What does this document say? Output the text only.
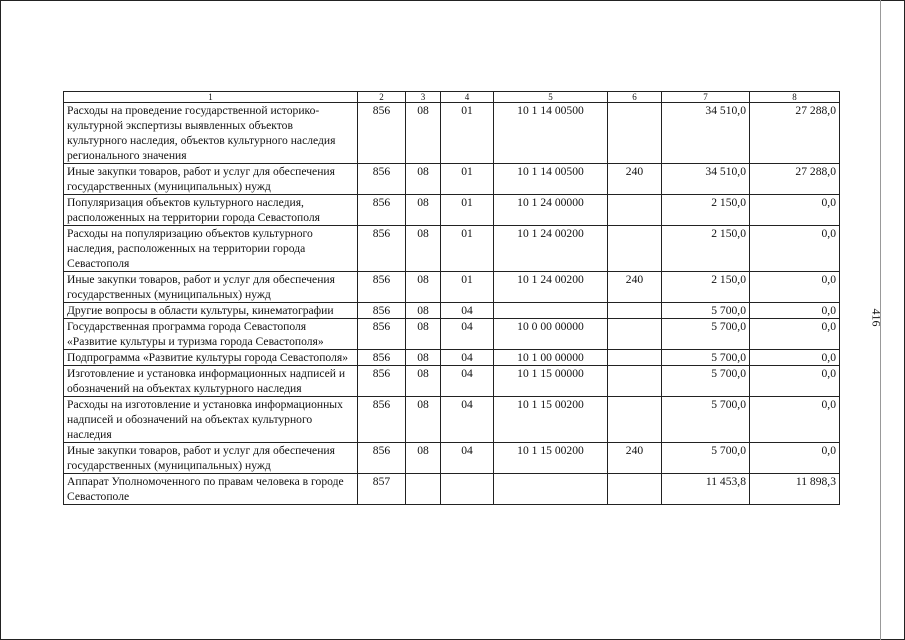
1	2	3	4	5	6	7	8
Расходы на проведение государственной историко-культурной экспертизы выявленных объектов культурного наследия, объектов культурного наследия регионального значения	856	08	01	10 1 14 00500		34 510,0	27 288,0
Иные закупки товаров, работ и услуг для обеспечения государственных (муниципальных) нужд	856	08	01	10 1 14 00500	240	34 510,0	27 288,0
Популяризация объектов культурного наследия, расположенных на территории города Севастополя	856	08	01	10 1 24 00000		2 150,0	0,0
Расходы на популяризацию объектов культурного наследия, расположенных на территории города Севастополя	856	08	01	10 1 24 00200		2 150,0	0,0
Иные закупки товаров, работ и услуг для обеспечения государственных (муниципальных) нужд	856	08	01	10 1 24 00200	240	2 150,0	0,0
Другие вопросы в области культуры, кинематографии	856	08	04			5 700,0	0,0
Государственная программа города Севастополя «Развитие культуры и туризма города Севастополя»	856	08	04	10 0 00 00000		5 700,0	0,0
Подпрограмма «Развитие культуры города Севастополя»	856	08	04	10 1 00 00000		5 700,0	0,0
Изготовление и установка информационных надписей и обозначений на объектах культурного наследия	856	08	04	10 1 15 00000		5 700,0	0,0
Расходы на изготовление и установка информационных надписей и обозначений на объектах культурного наследия	856	08	04	10 1 15 00200		5 700,0	0,0
Иные закупки товаров, работ и услуг для обеспечения государственных (муниципальных) нужд	856	08	04	10 1 15 00200	240	5 700,0	0,0
Аппарат Уполномоченного по правам человека в городе Севастополе	857					11 453,8	11 898,3
416
